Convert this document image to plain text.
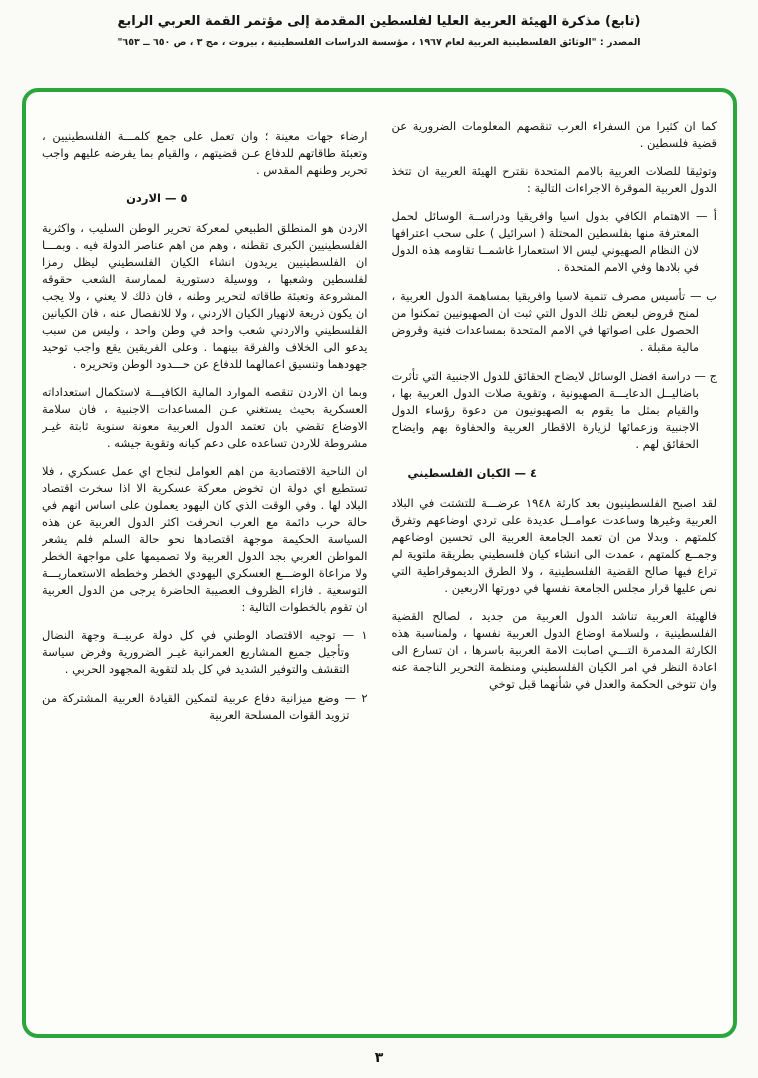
(تابع) مذكرة الهيئة العربية العليا لفلسطين المقدمة إلى مؤتمر القمة العربي الرابع
المصدر : "الوثائق الفلسطينية العربية لعام ١٩٦٧ ، مؤسسة الدراسات الفلسطينية ، بيروت ، مج ٣ ، ص ٦٥٠ ــ ٦٥٣"

كما ان كثيرا من السفراء العرب تنقصهم المعلومات الضرورية عن قضية فلسطين .

وتوثيقا للصلات العربية بالامم المتحدة نقترح الهيئة العربية ان تتخذ الدول العربية الموقرة الاجراءات التالية :

أ — الاهتمام الكافي بدول اسيا وافريقيا ودراســة الوسائل لحمل المعترفة منها بفلسطين المحتلة ( اسرائيل ) على سحب اعترافها لان النظام الصهيوني ليس الا استعمارا غاشمــا تقاومه هذه الدول في بلادها وفي الامم المتحدة .

ب — تأسيس مصرف تنمية لاسيا وافريقيا بمساهمة الدول العربية ، لمنح قروض لبعض تلك الدول التي ثبت ان الصهيونيين تمكنوا من الحصول على اصواتها في الامم المتحدة بمساعدات فنية وقروض مالية مقبلة .

ج — دراسة افضل الوسائل لايضاح الحقائق للدول الاجنبية التي تأثرت باضاليــل الدعايـــة الصهيونية ، وتقوية صلات الدول العربية بها ، والقيام بمثل ما يقوم به الصهيونيون من دعوة رؤساء الدول الاجنبية وزعمائها لزيارة الاقطار العربية والحفاوة بهم وايضاح الحقائق لهم .

٤ — الكيان الفلسطيني

لقد اصبح الفلسطينيون بعد كارثة ١٩٤٨ عرضـــة للتشتت في البلاد العربية وغيرها وساعدت عوامــل عديدة على تردي اوضاعهم وتفرق كلمتهم . وبدلا من ان تعمد الجامعة العربية الى تحسين اوضاعهم وجمــع كلمتهم ، عمدت الى انشاء كيان فلسطيني بطريقة ملتوية لم تراع فيها صالح القضية الفلسطينية ، ولا الطرق الديموقراطية التي نص عليها قرار مجلس الجامعة نفسها في دورتها الاربعين .

فالهيئة العربية تناشد الدول العربية من جديد ، لصالح القضية الفلسطينية ، ولسلامة اوضاع الدول العربية نفسها ، ولمناسبة هذه الكارثة المدمرة التـــي اصابت الامة العربية باسرها ، ان تسارع الى اعادة النظر في امر الكيان الفلسطيني ومنظمة التحرير الناجمة عنه وان تتوخى الحكمة والعدل في شأنهما قبل توخي

ارضاء جهات معينة ؛ وان تعمل على جمع كلمـــة الفلسطينيين ، وتعبئة طاقاتهم للدفاع عـن قضيتهم ، والقيام بما يفرضه عليهم واجب تحرير وطنهم المقدس .

٥ — الاردن

الاردن هو المنطلق الطبيعي لمعركة تحرير الوطن السليب ، واكثرية الفلسطينيين الكبرى تقطنه ، وهم من اهم عناصر الدولة فيه . وبمـــا ان الفلسطينيين يريدون انشاء الكيان الفلسطيني ليظل رمزا لفلسطين وشعبها ، ووسيلة دستورية لممارسة الشعب حقوقه المشروعة وتعبئة طاقاته لتحرير وطنه ، فان ذلك لا يعني ، ولا يجب ان يكون ذريعة لانهيار الكيان الاردني ، ولا للانفصال عنه ، فان الكيانين الفلسطيني والاردني شعب واحد في وطن واحد ، وليس من سبب يدعو الى الخلاف والفرقة بينهما . وعلى الفريقين يقع واجب توحيد جهودهما وتنسيق اعمالهما للدفاع عن حـــدود الوطن وتحريره .

وبما ان الاردن تنقصه الموارد المالية الكافيـــة لاستكمال استعداداته العسكرية بحيث يستغني عـن المساعدات الاجنبية ، فان سلامة الاوضاع تقضي بان تعتمد الدول العربية معونة سنوية ثابتة غيـر مشروطة للاردن تساعده على دعم كيانه وتقوية جيشه .

ان الناحية الاقتصادية من اهم العوامل لنجاح اي عمل عسكري ، فلا تستطيع اي دولة ان تخوض معركة عسكرية الا اذا سخرت اقتصاد البلاد لها . وفي الوقت الذي كان اليهود يعملون على اساس انهم في حالة حرب دائمة مع العرب انحرفت اكثر الدول العربية عن هذه السياسة الحكيمة موجهة اقتصادها نحو حالة السلم فلم يشعر المواطن العربي بجد الدول العربية ولا تصميمها على مواجهة الخطر ولا مراعاة الوضـــع العسكري اليهودي الخطر وخططه الاستعماريـــة التوسعية . فازاء الظروف العصيبة الحاضرة يرجى من الدول العربية ان تقوم بالخطوات التالية :

١ — توجيه الاقتصاد الوطني في كل دولة عربيــة وجهة النضال وتأجيل جميع المشاريع العمرانية غيـر الضرورية وفرض سياسة التقشف والتوفير الشديد في كل بلد لتقوية المجهود الحربي .

٢ — وضع ميزانية دفاع عربية لتمكين القيادة العربية المشتركة من تزويد القوات المسلحة العربية

٣
